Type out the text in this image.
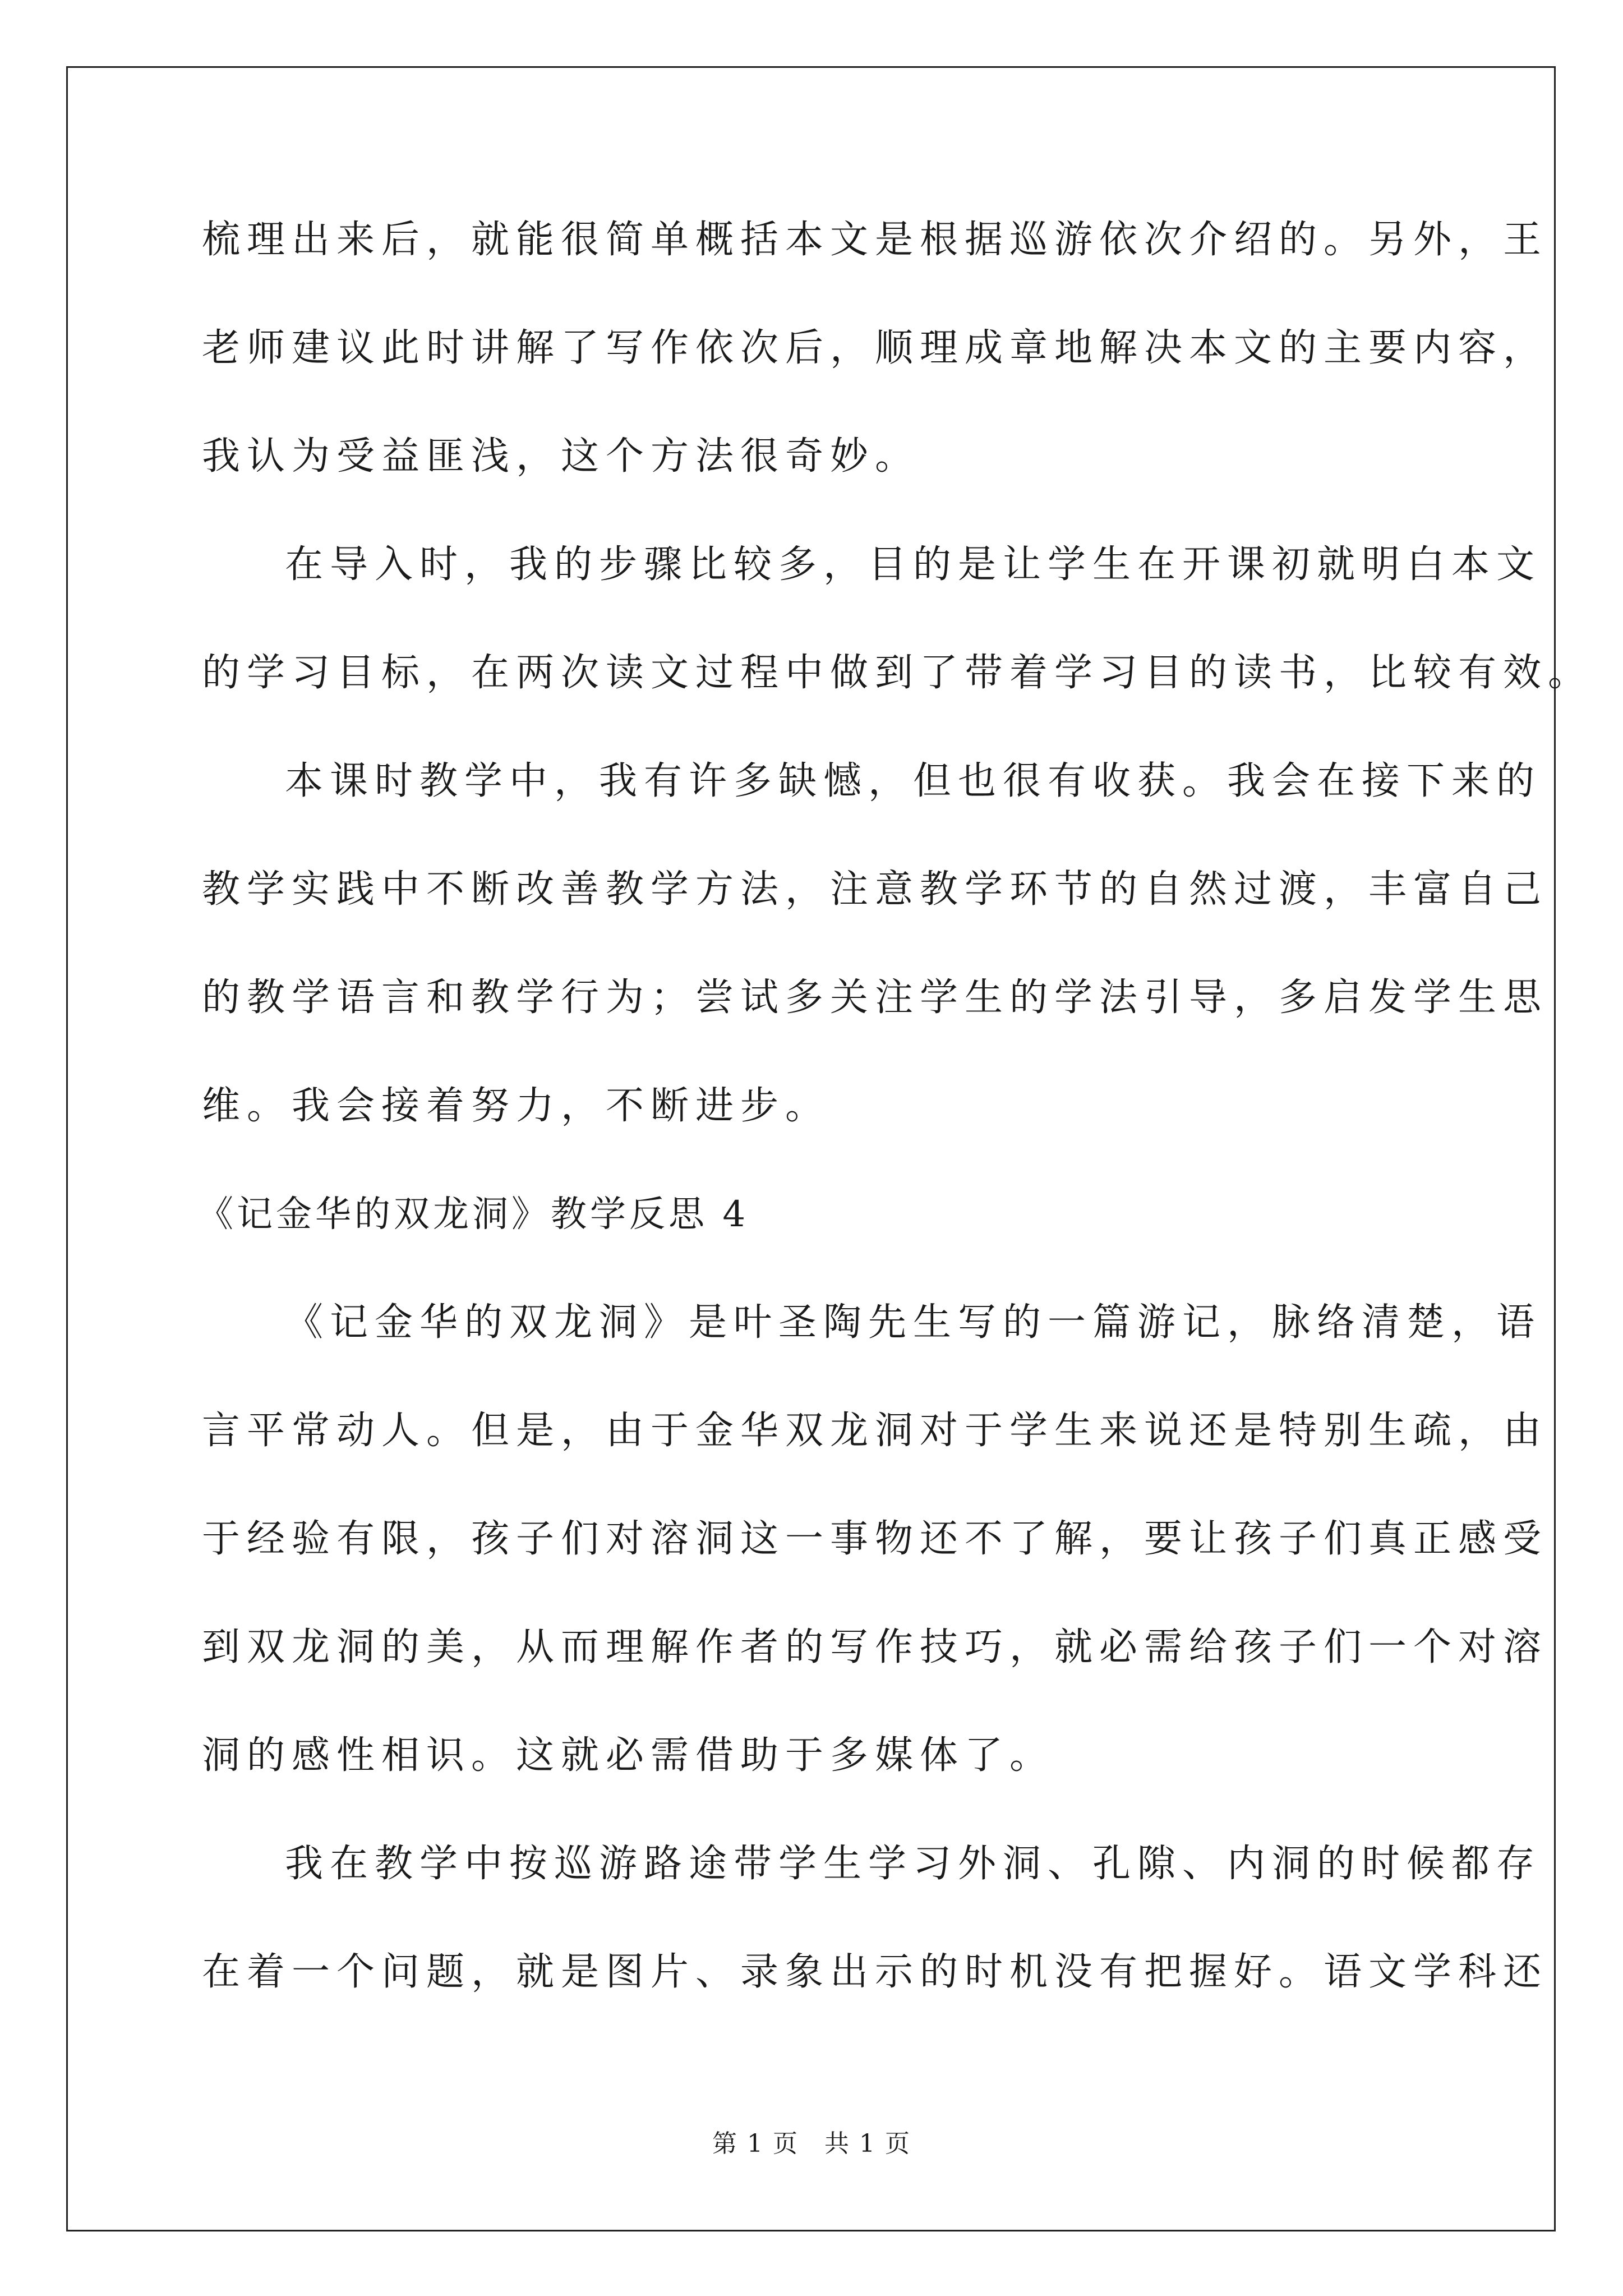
梳理出来后，就能很简单概括本文是根据巡游依次介绍的。另外，王
老师建议此时讲解了写作依次后，顺理成章地解决本文的主要内容，
我认为受益匪浅，这个方法很奇妙。
在导入时，我的步骤比较多，目的是让学生在开课初就明白本文
的学习目标，在两次读文过程中做到了带着学习目的读书，比较有效。
本课时教学中，我有许多缺憾，但也很有收获。我会在接下来的
教学实践中不断改善教学方法，注意教学环节的自然过渡，丰富自己
的教学语言和教学行为；尝试多关注学生的学法引导，多启发学生思
维。我会接着努力，不断进步。
《记金华的双龙洞》教学反思 4
《记金华的双龙洞》是叶圣陶先生写的一篇游记，脉络清楚，语
言平常动人。但是，由于金华双龙洞对于学生来说还是特别生疏，由
于经验有限，孩子们对溶洞这一事物还不了解，要让孩子们真正感受
到双龙洞的美，从而理解作者的写作技巧，就必需给孩子们一个对溶
洞的感性相识。这就必需借助于多媒体了。
我在教学中按巡游路途带学生学习外洞、孔隙、内洞的时候都存
在着一个问题，就是图片、录象出示的时机没有把握好。语文学科还
第 1 页　共 1 页
